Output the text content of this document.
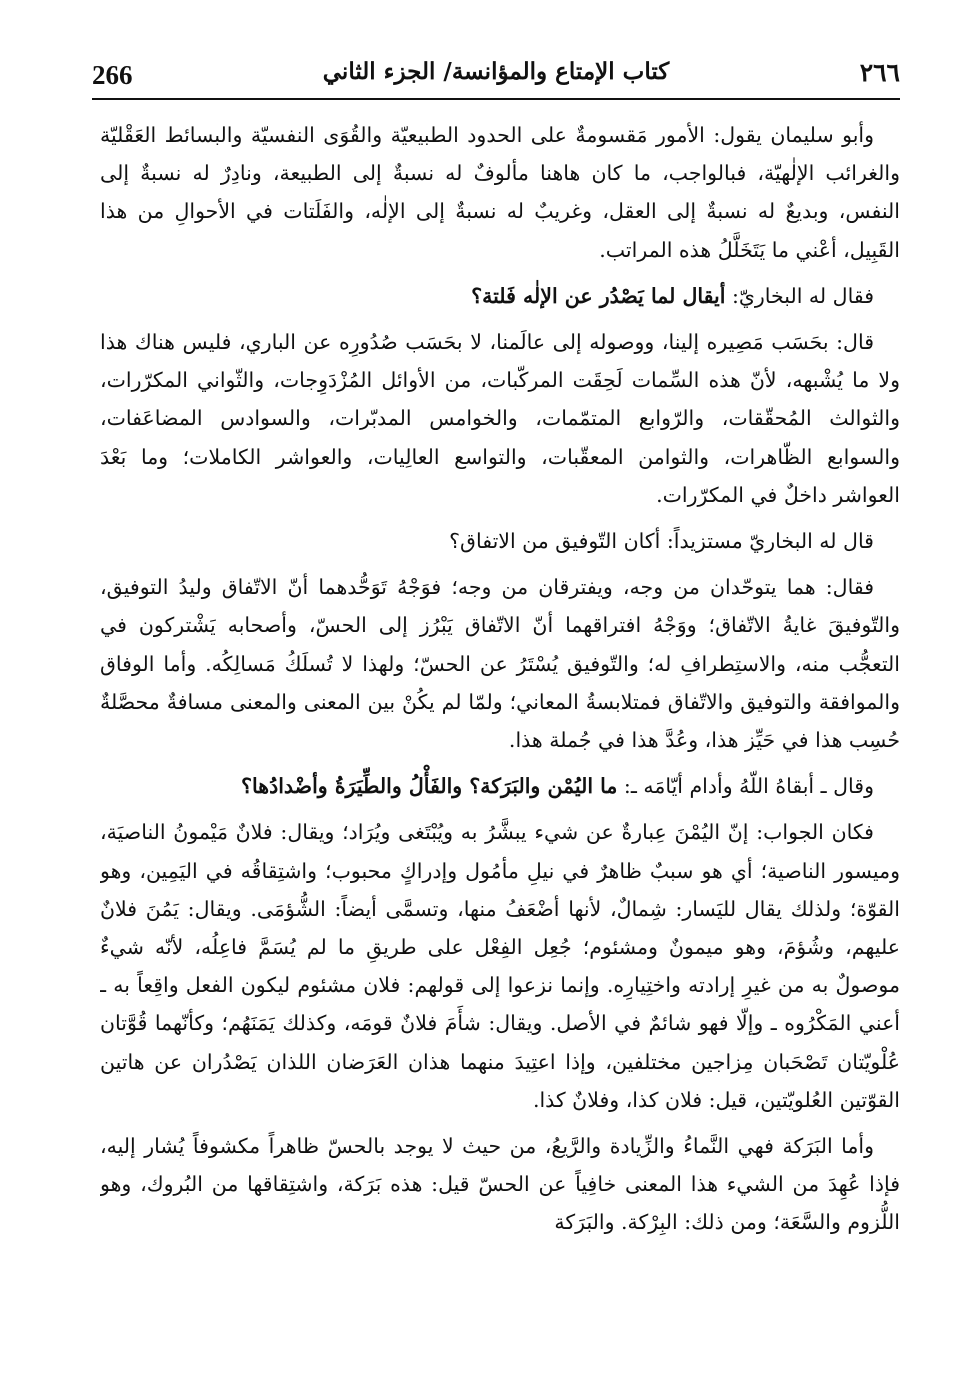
266	كتاب الإمتاع والمؤانسة/ الجزء الثاني	٢٦٦

وأبو سليمان يقول: الأمور مَقسومةٌ على الحدود الطبيعيّة والقُوَى النفسيّة والبسائط العَقْليّة والغرائب الإلٰهيّة، فبالواجب، ما كان هاهنا مألوفٌ له نسبةٌ إلى الطبيعة، ونادِرٌ له نسبةٌ إلى النفس، وبديعٌ له نسبةٌ إلى العقل، وغريبٌ له نسبةٌ إلى الإلٰه، والفَلَتات في الأحوالِ من هذا القَبِيل، أعْني ما يَتَخَلَّلُ هذه المراتب.

فقال له البخاريّ: أيقال لما يَصْدُر عن الإلٰه فَلتة؟

قال: بحَسَب مَصِيره إلينا، ووصوله إلى عالَمنا، لا بحَسَب صُدُورِه عن الباري، فليس هناك هذا ولا ما يُشْبهه، لأنّ هذه السِّمات لَحِقَت المركّبات، من الأوائل المُزْدَوِجات، والثّواني المكرّرات، والثوالث المُحقّقات، والرّوابع المتمّمات، والخوامس المدبّرات، والسوادس المضاعَفات، والسوابع الظّاهرات، والثوامن المعقّبات، والتواسع العالِيات، والعواشر الكاملات؛ وما بَعْدَ العواشر داخلٌ في المكرّرات.

قال له البخاريّ مستزيداً: أكان التّوفيق من الاتفاق؟

فقال: هما يتوحّدان من وجه، ويفترقان من وجه؛ فوَجْهُ تَوَحُّدهما أنّ الاتّفاق وليدُ التوفيق، والتّوفيقَ غايةُ الاتّفاق؛ ووَجْهُ افتراقهما أنّ الاتّفاق يَبْرُز إلى الحسّ، وأصحابه يَشْتركون في التعجُّب منه، والاستِطرافِ له؛ والتّوفيق يُسْتَرُ عن الحسّ؛ ولهذا لا تُسلَكُ مَسالِكُه. وأما الوفاق والموافقة والتوفيق والاتّفاق فمتلابسةُ المعاني؛ ولمّا لم يكُنْ بين المعنى والمعنى مسافةٌ محصَّلةٌ حُسِب هذا في حَيِّز هذا، وعُدَّ هذا في جُملة هذا.

وقال ـ أبقاهُ اللّهُ وأدام أيّامَه ـ: ما اليُمْن والبَرَكة؟ والفَأْلُ والطِّيَرَةُ وأضْدادُها؟

فكان الجواب: إنّ اليُمْنَ عِبارةٌ عن شيء يبشَّرُ به ويُبْتَغى ويُرَاد؛ ويقال: فلانٌ مَيْمونُ الناصيَة، وميسور الناصية؛ أي هو سببٌ ظاهرٌ في نيلِ مأمُول وإدراكٍ محبوب؛ واشتِقاقُه في اليَمِين، وهو القوّة؛ ولذلك يقال لليَسار: شِمالٌ، لأنها أضْعَفُ منها، وتسمَّى أيضاً: الشُّؤمَى. ويقال: يَمُنَ فلانٌ عليهم، وشُؤمَ، وهو ميمونٌ ومشئوم؛ جُعِل الفِعْل على طريقِ ما لم يُسَمَّ فاعِلُه، لأنّه شيءٌ موصولٌ به من غيرِ إرادته واختِيارِه. وإنما نزعوا إلى قولهم: فلان مشئوم ليكون الفعل واقِعاً به ـ أعني المَكْرُوه ـ وإلّا فهو شائمٌ في الأصل. ويقال: شأَمَ فلانٌ قومَه، وكذلك يَمَنَهُم؛ وكأنّهما قُوَّتان عُلْويّتان تَصْحَبان مِزاجين مختلفين، وإذا اعتِيدَ منهما هذان العَرَضان اللذان يَصْدُران عن هاتين القوّتين العُلويّتين، قيل: فلان كذا، وفلانٌ كذا.

وأما البَرَكة فهي النَّماءُ والزِّيادة والرَّيعُ، من حيث لا يوجد بالحسّ ظاهراً مكشوفاً يُشار إليه، فإذا عُهِدَ من الشيء هذا المعنى خافِياً عن الحسّ قيل: هذه بَرَكة، واشتِقاقها من البُروك، وهو اللُّزوم والسَّعَة؛ ومن ذلك: البِرْكة. والبَرَكة
